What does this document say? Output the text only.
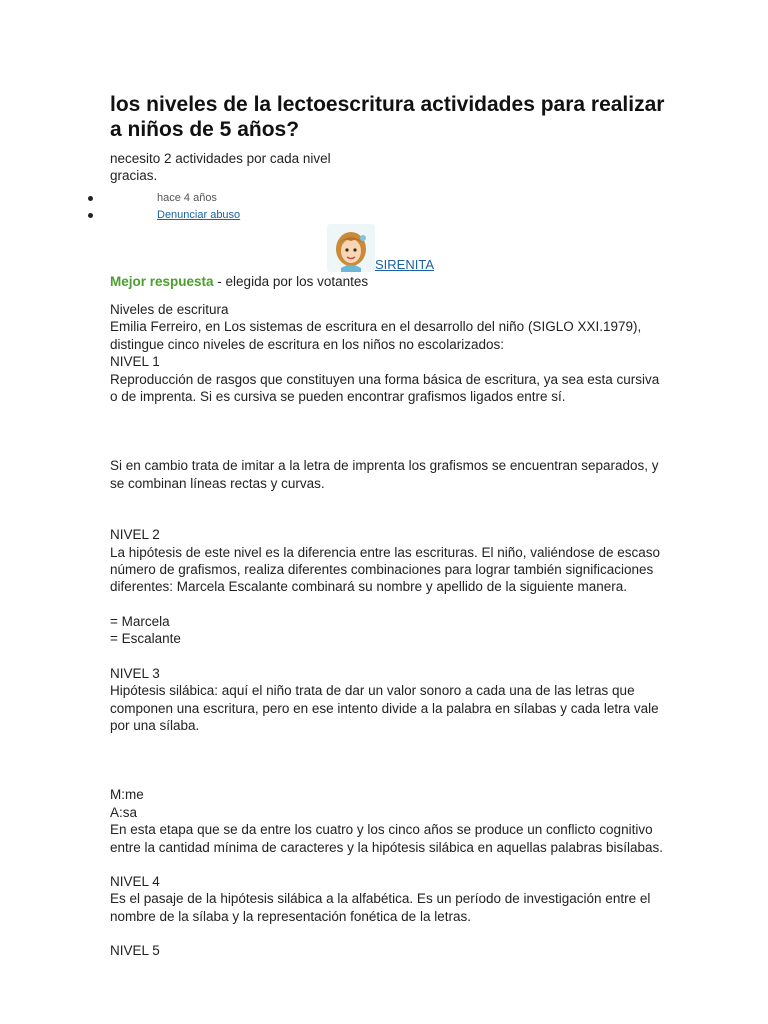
los niveles de la lectoescritura actividades para realizar a niños de 5 años?
necesito 2 actividades por cada nivel
gracias.
hace 4 años
Denunciar abuso
SIRENITA
Mejor respuesta - elegida por los votantes

Niveles de escritura

Emilia Ferreiro, en Los sistemas de escritura en el desarrollo del niño (SIGLO XXI.1979), distingue cinco niveles de escritura en los niños no escolarizados:

NIVEL 1

Reproducción de rasgos que constituyen una forma básica de escritura, ya sea esta cursiva o de imprenta. Si es cursiva se pueden encontrar grafismos ligados entre sí.

Si en cambio trata de imitar a la letra de imprenta los grafismos se encuentran separados, y se combinan líneas rectas y curvas.

NIVEL 2

La hipótesis de este nivel es la diferencia entre las escrituras. El niño, valiéndose de escaso número de grafismos, realiza diferentes combinaciones para lograr también significaciones diferentes: Marcela Escalante combinará su nombre y apellido de la siguiente manera.

= Marcela

= Escalante

NIVEL 3

Hipótesis silábica: aquí el niño trata de dar un valor sonoro a cada una de las letras que componen una escritura, pero en ese intento divide a la palabra en sílabas y cada letra vale por una sílaba.

M:me

A:sa

En esta etapa que se da entre los cuatro y los cinco años se produce un conflicto cognitivo entre la cantidad mínima de caracteres y la hipótesis silábica en aquellas palabras bisílabas.

NIVEL 4

Es el pasaje de la hipótesis silábica a la alfabética. Es un período de investigación entre el nombre de la sílaba y la representación fonética de la letras.

NIVEL 5
